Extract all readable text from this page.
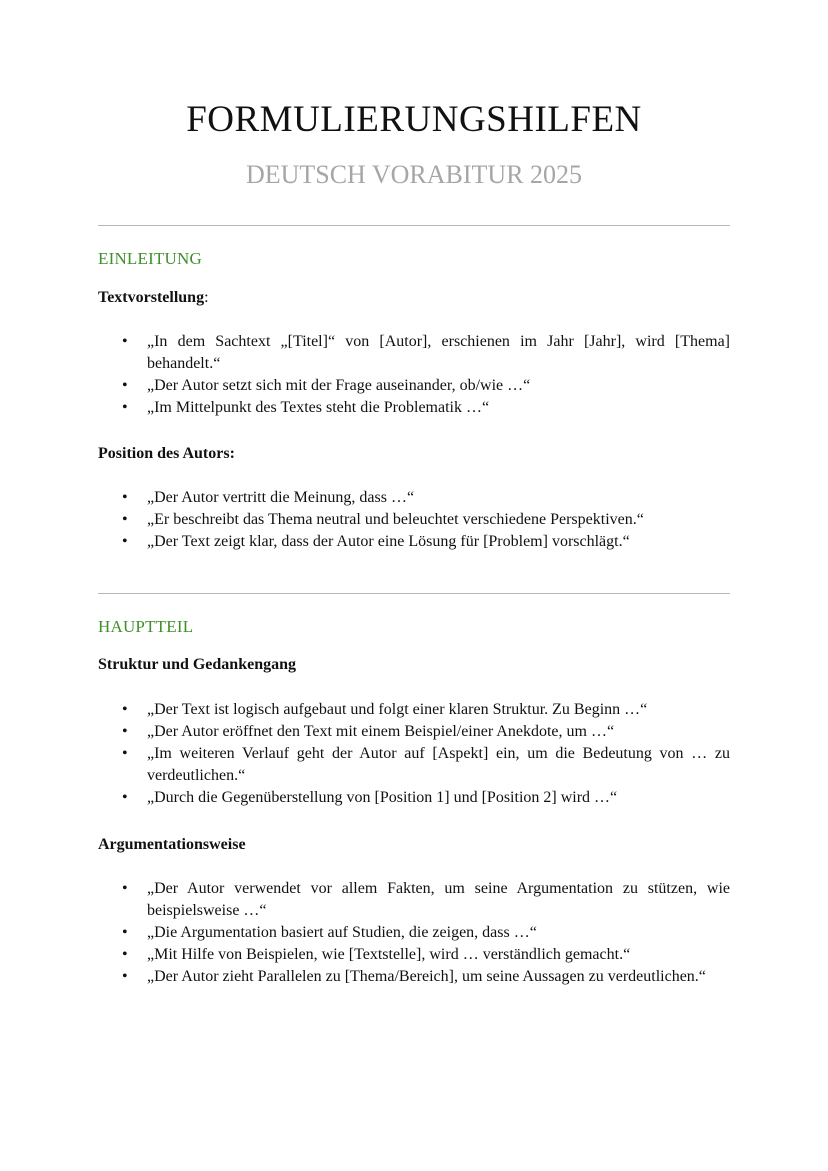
FORMULIERUNGSHILFEN
DEUTSCH VORABITUR 2025
EINLEITUNG

Textvorstellung:

• „In dem Sachtext „[Titel]“ von [Autor], erschienen im Jahr [Jahr], wird [Thema] behandelt.“
• „Der Autor setzt sich mit der Frage auseinander, ob/wie …“
• „Im Mittelpunkt des Textes steht die Problematik …“

Position des Autors:

• „Der Autor vertritt die Meinung, dass …“
• „Er beschreibt das Thema neutral und beleuchtet verschiedene Perspektiven.“
• „Der Text zeigt klar, dass der Autor eine Lösung für [Problem] vorschlägt.“
HAUPTTEIL

Struktur und Gedankengang

• „Der Text ist logisch aufgebaut und folgt einer klaren Struktur. Zu Beginn …“
• „Der Autor eröffnet den Text mit einem Beispiel/einer Anekdote, um …“
• „Im weiteren Verlauf geht der Autor auf [Aspekt] ein, um die Bedeutung von … zu verdeutlichen.“
• „Durch die Gegenüberstellung von [Position 1] und [Position 2] wird …“

Argumentationsweise

• „Der Autor verwendet vor allem Fakten, um seine Argumentation zu stützen, wie beispielsweise …“
• „Die Argumentation basiert auf Studien, die zeigen, dass …“
• „Mit Hilfe von Beispielen, wie [Textstelle], wird … verständlich gemacht.“
• „Der Autor zieht Parallelen zu [Thema/Bereich], um seine Aussagen zu verdeutlichen.“
